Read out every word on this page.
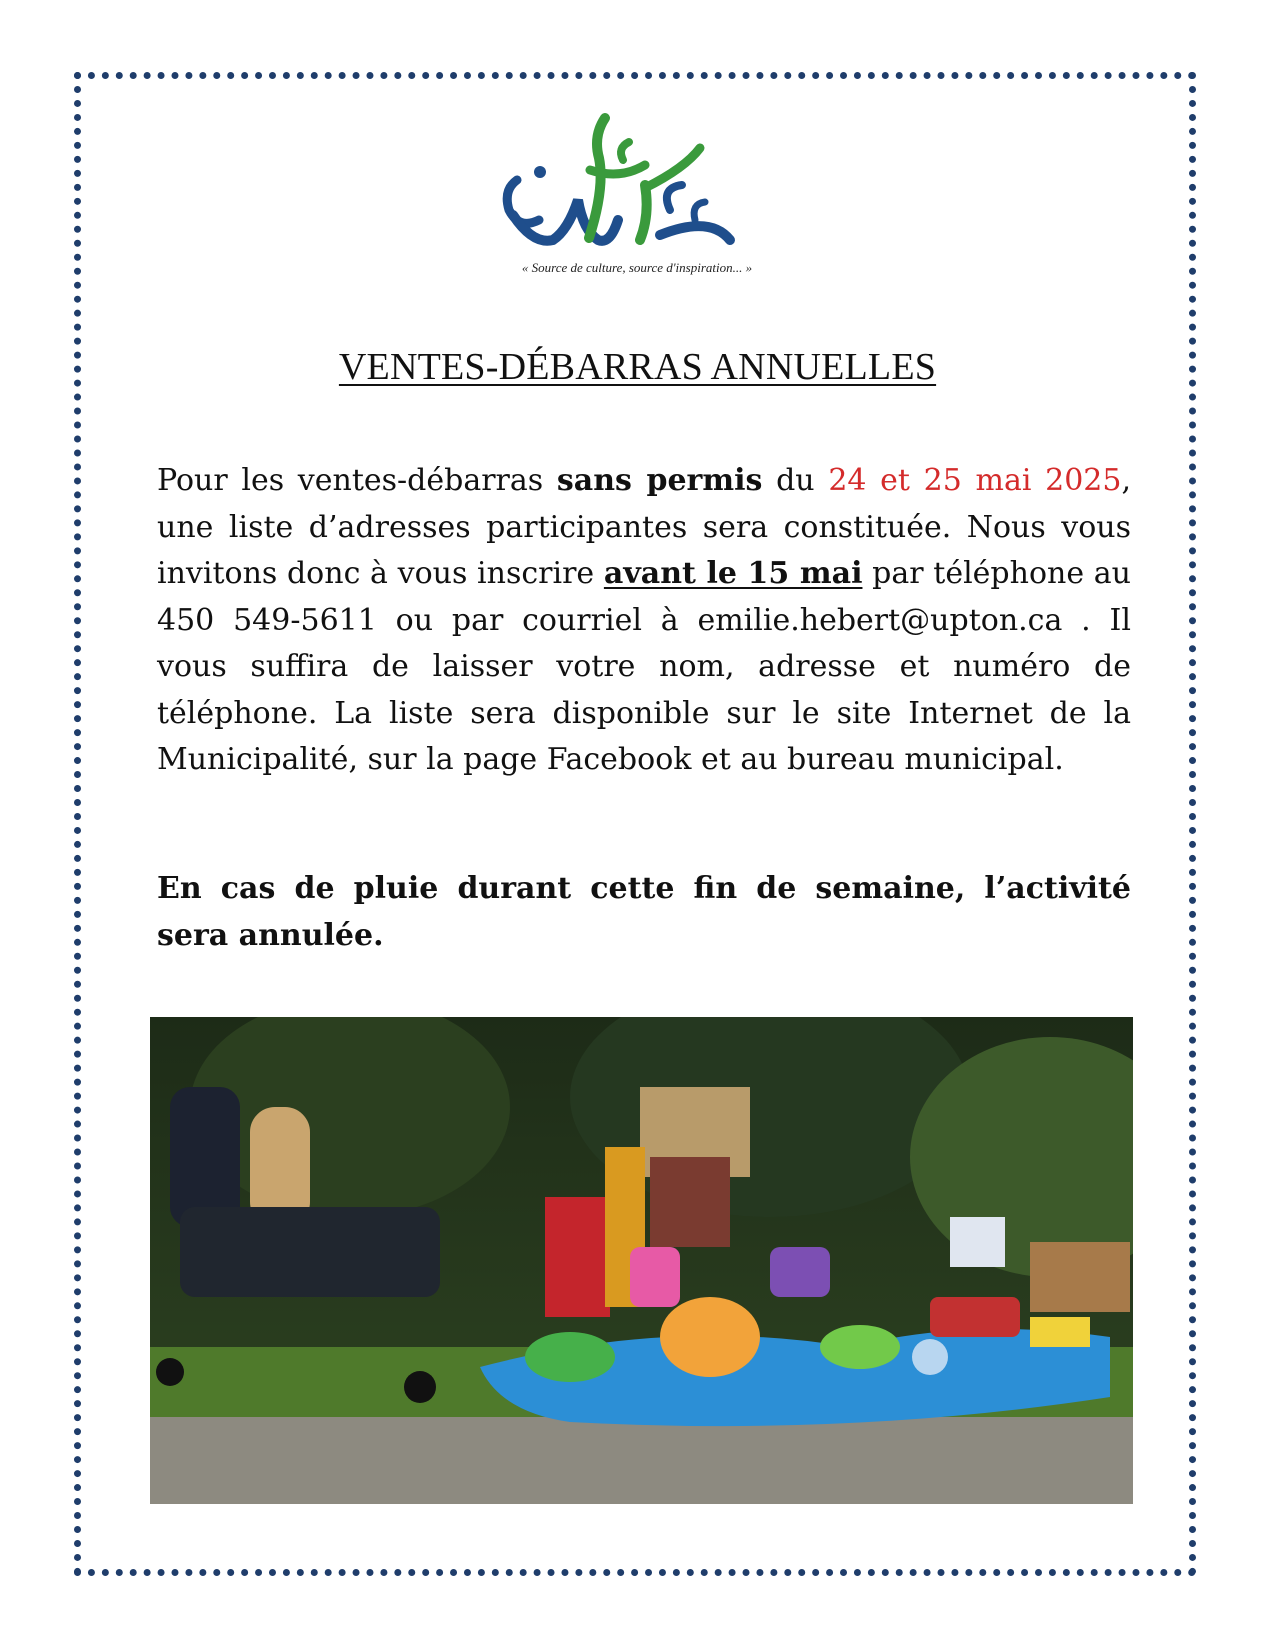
« Source de culture, source d'inspiration... »
VENTES-DÉBARRAS ANNUELLES
Pour les ventes-débarras sans permis du 24 et 25 mai 2025, une liste d’adresses participantes sera constituée. Nous vous invitons donc à vous inscrire avant le 15 mai par téléphone au 450 549-5611 ou par courriel à emilie.hebert@upton.ca . Il vous suffira de laisser votre nom, adresse et numéro de téléphone. La liste sera disponible sur le site Internet de la Municipalité, sur la page Facebook et au bureau municipal.
En cas de pluie durant cette fin de semaine, l’activité sera annulée.
